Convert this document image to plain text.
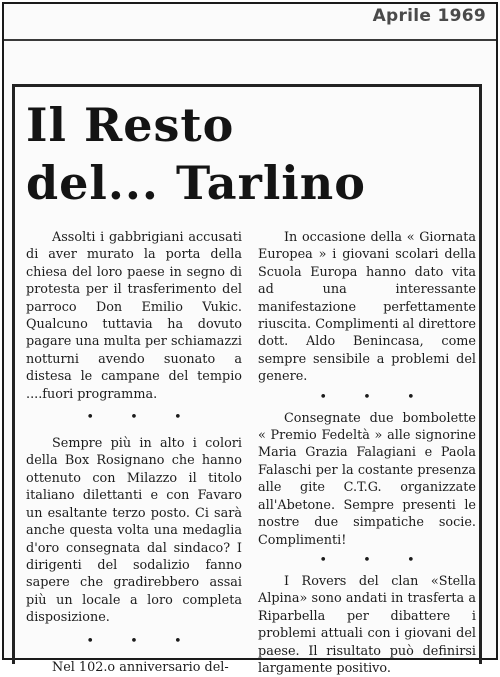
Aprile 1969
Il Resto
del... Tarlino

Assolti i gabbrigiani accusati di aver murato la porta della chiesa del loro paese in segno di protesta per il trasferimento del parroco Don Emilio Vukic. Qualcuno tuttavia ha dovuto pagare una multa per schiamazzi notturni avendo suonato a distesa le campane del tempio ....fuori programma.

• • •

Sempre più in alto i colori della Box Rosignano che hanno ottenuto con Milazzo il titolo italiano dilettanti e con Favaro un esaltante terzo posto. Ci sarà anche questa volta una medaglia d'oro consegnata dal sindaco? I dirigenti del sodalizio fanno sapere che gradirebbero assai più un locale a loro completa disposizione.

• • •

Nel 102.o anniversario del-

In occasione della « Giornata Europea » i giovani scolari della Scuola Europa hanno dato vita ad una interessante manifestazione perfettamente riuscita. Complimenti al direttore dott. Aldo Benincasa, come sempre sensibile a problemi del genere.

• • •

Consegnate due bombolette « Premio Fedeltà » alle signorine Maria Grazia Falagiani e Paola Falaschi per la costante presenza alle gite C.T.G. organizzate all'Abetone. Sempre presenti le nostre due simpatiche socie. Complimenti!

• • •

I Rovers del clan «Stella Alpina» sono andati in trasferta a Riparbella per dibattere i problemi attuali con i giovani del paese. Il risultato può definirsi largamente positivo.
